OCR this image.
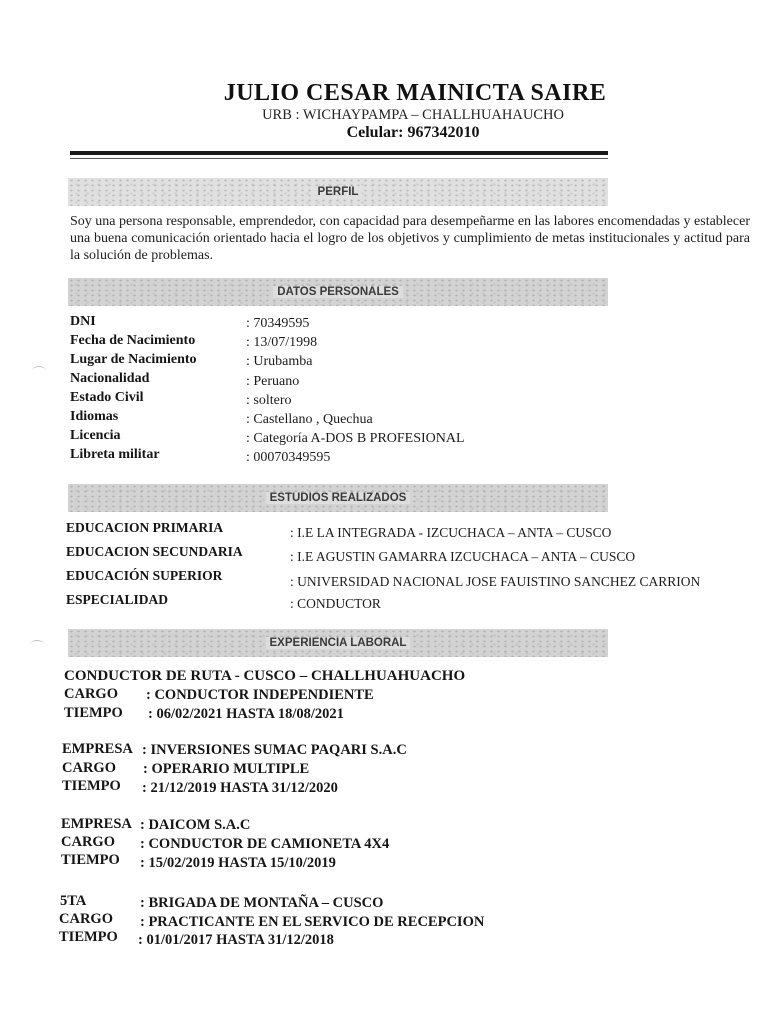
JULIO CESAR MAINICTA SAIRE
URB : WICHAYPAMPA – CHALLHUAHAUCHO
Celular: 967342010
PERFIL
Soy una persona responsable, emprendedor, con capacidad para desempeñarme en las labores encomendadas y establecer una buena comunicación orientado hacia el logro de los objetivos y cumplimiento de metas institucionales y actitud para la solución de problemas.
DATOS PERSONALES
DNI	: 70349595
Fecha de Nacimiento	: 13/07/1998
Lugar de Nacimiento	: Urubamba
Nacionalidad	: Peruano
Estado Civil	: soltero
Idiomas	: Castellano , Quechua
Licencia	: Categoría A-DOS B PROFESIONAL
Libreta militar	: 00070349595
ESTUDIOS REALIZADOS
EDUCACION PRIMARIA	: I.E LA INTEGRADA - IZCUCHACA – ANTA – CUSCO
EDUCACION SECUNDARIA	: I.E AGUSTIN GAMARRA IZCUCHACA – ANTA – CUSCO
EDUCACIÓN SUPERIOR	: UNIVERSIDAD NACIONAL JOSE FAUISTINO SANCHEZ CARRION
ESPECIALIDAD	: CONDUCTOR
EXPERIENCIA LABORAL
CONDUCTOR DE RUTA - CUSCO – CHALLHUAHUACHO
CARGO : CONDUCTOR INDEPENDIENTE
TIEMPO : 06/02/2021 HASTA 18/08/2021
EMPRESA : INVERSIONES SUMAC PAQARI S.A.C
CARGO : OPERARIO MULTIPLE
TIEMPO : 21/12/2019 HASTA 31/12/2020
EMPRESA : DAICOM S.A.C
CARGO : CONDUCTOR DE CAMIONETA 4X4
TIEMPO : 15/02/2019 HASTA 15/10/2019
5TA	: BRIGADA DE MONTAÑA – CUSCO
CARGO : PRACTICANTE EN EL SERVICO DE RECEPCION
TIEMPO : 01/01/2017 HASTA 31/12/2018
